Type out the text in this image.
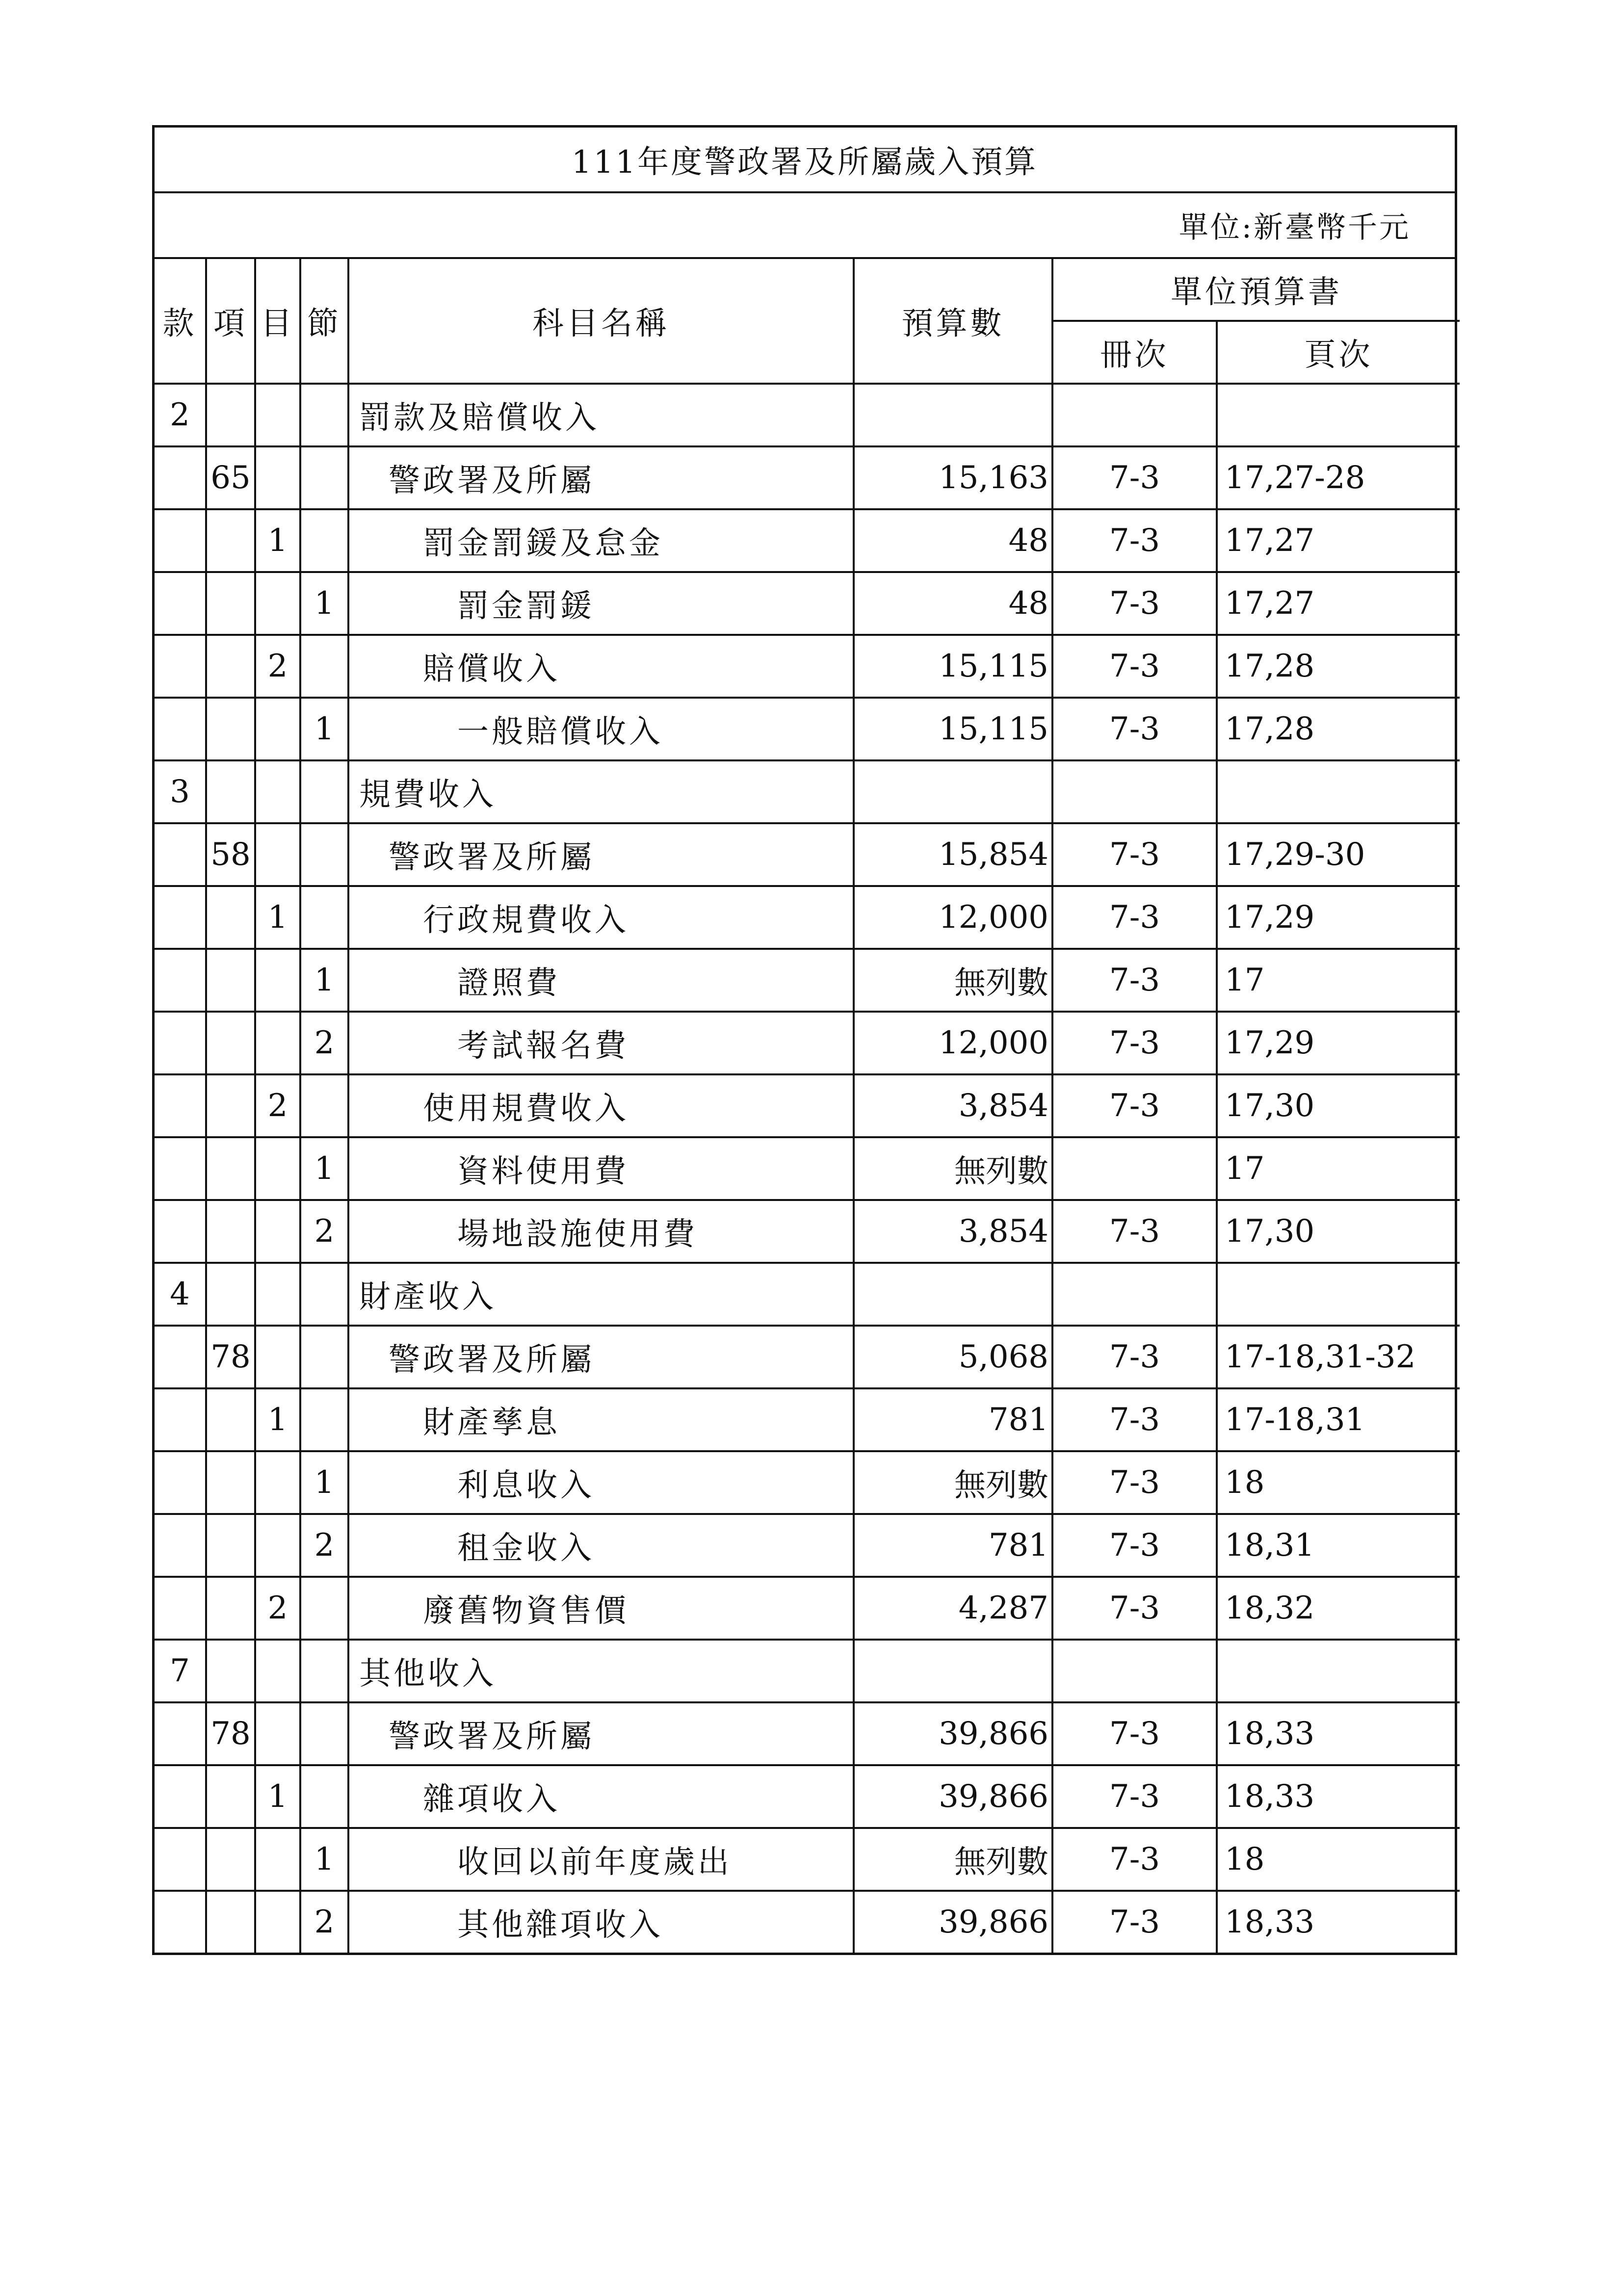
111年度警政署及所屬歲入預算
單位:新臺幣千元
款	項	目	節	科目名稱	預算數	單位預算書	
						冊次	頁次
2				罰款及賠償收入			
	65			警政署及所屬	15,163	7-3	17,27-28
		1		罰金罰鍰及怠金	48	7-3	17,27
			1	罰金罰鍰	48	7-3	17,27
		2		賠償收入	15,115	7-3	17,28
			1	一般賠償收入	15,115	7-3	17,28
3				規費收入			
	58			警政署及所屬	15,854	7-3	17,29-30
		1		行政規費收入	12,000	7-3	17,29
			1	證照費	無列數	7-3	17
			2	考試報名費	12,000	7-3	17,29
		2		使用規費收入	3,854	7-3	17,30
			1	資料使用費	無列數		17
			2	場地設施使用費	3,854	7-3	17,30
4				財產收入			
	78			警政署及所屬	5,068	7-3	17-18,31-32
		1		財產孳息	781	7-3	17-18,31
			1	利息收入	無列數	7-3	18
			2	租金收入	781	7-3	18,31
		2		廢舊物資售價	4,287	7-3	18,32
7				其他收入			
	78			警政署及所屬	39,866	7-3	18,33
		1		雜項收入	39,866	7-3	18,33
			1	收回以前年度歲出	無列數	7-3	18
			2	其他雜項收入	39,866	7-3	18,33
